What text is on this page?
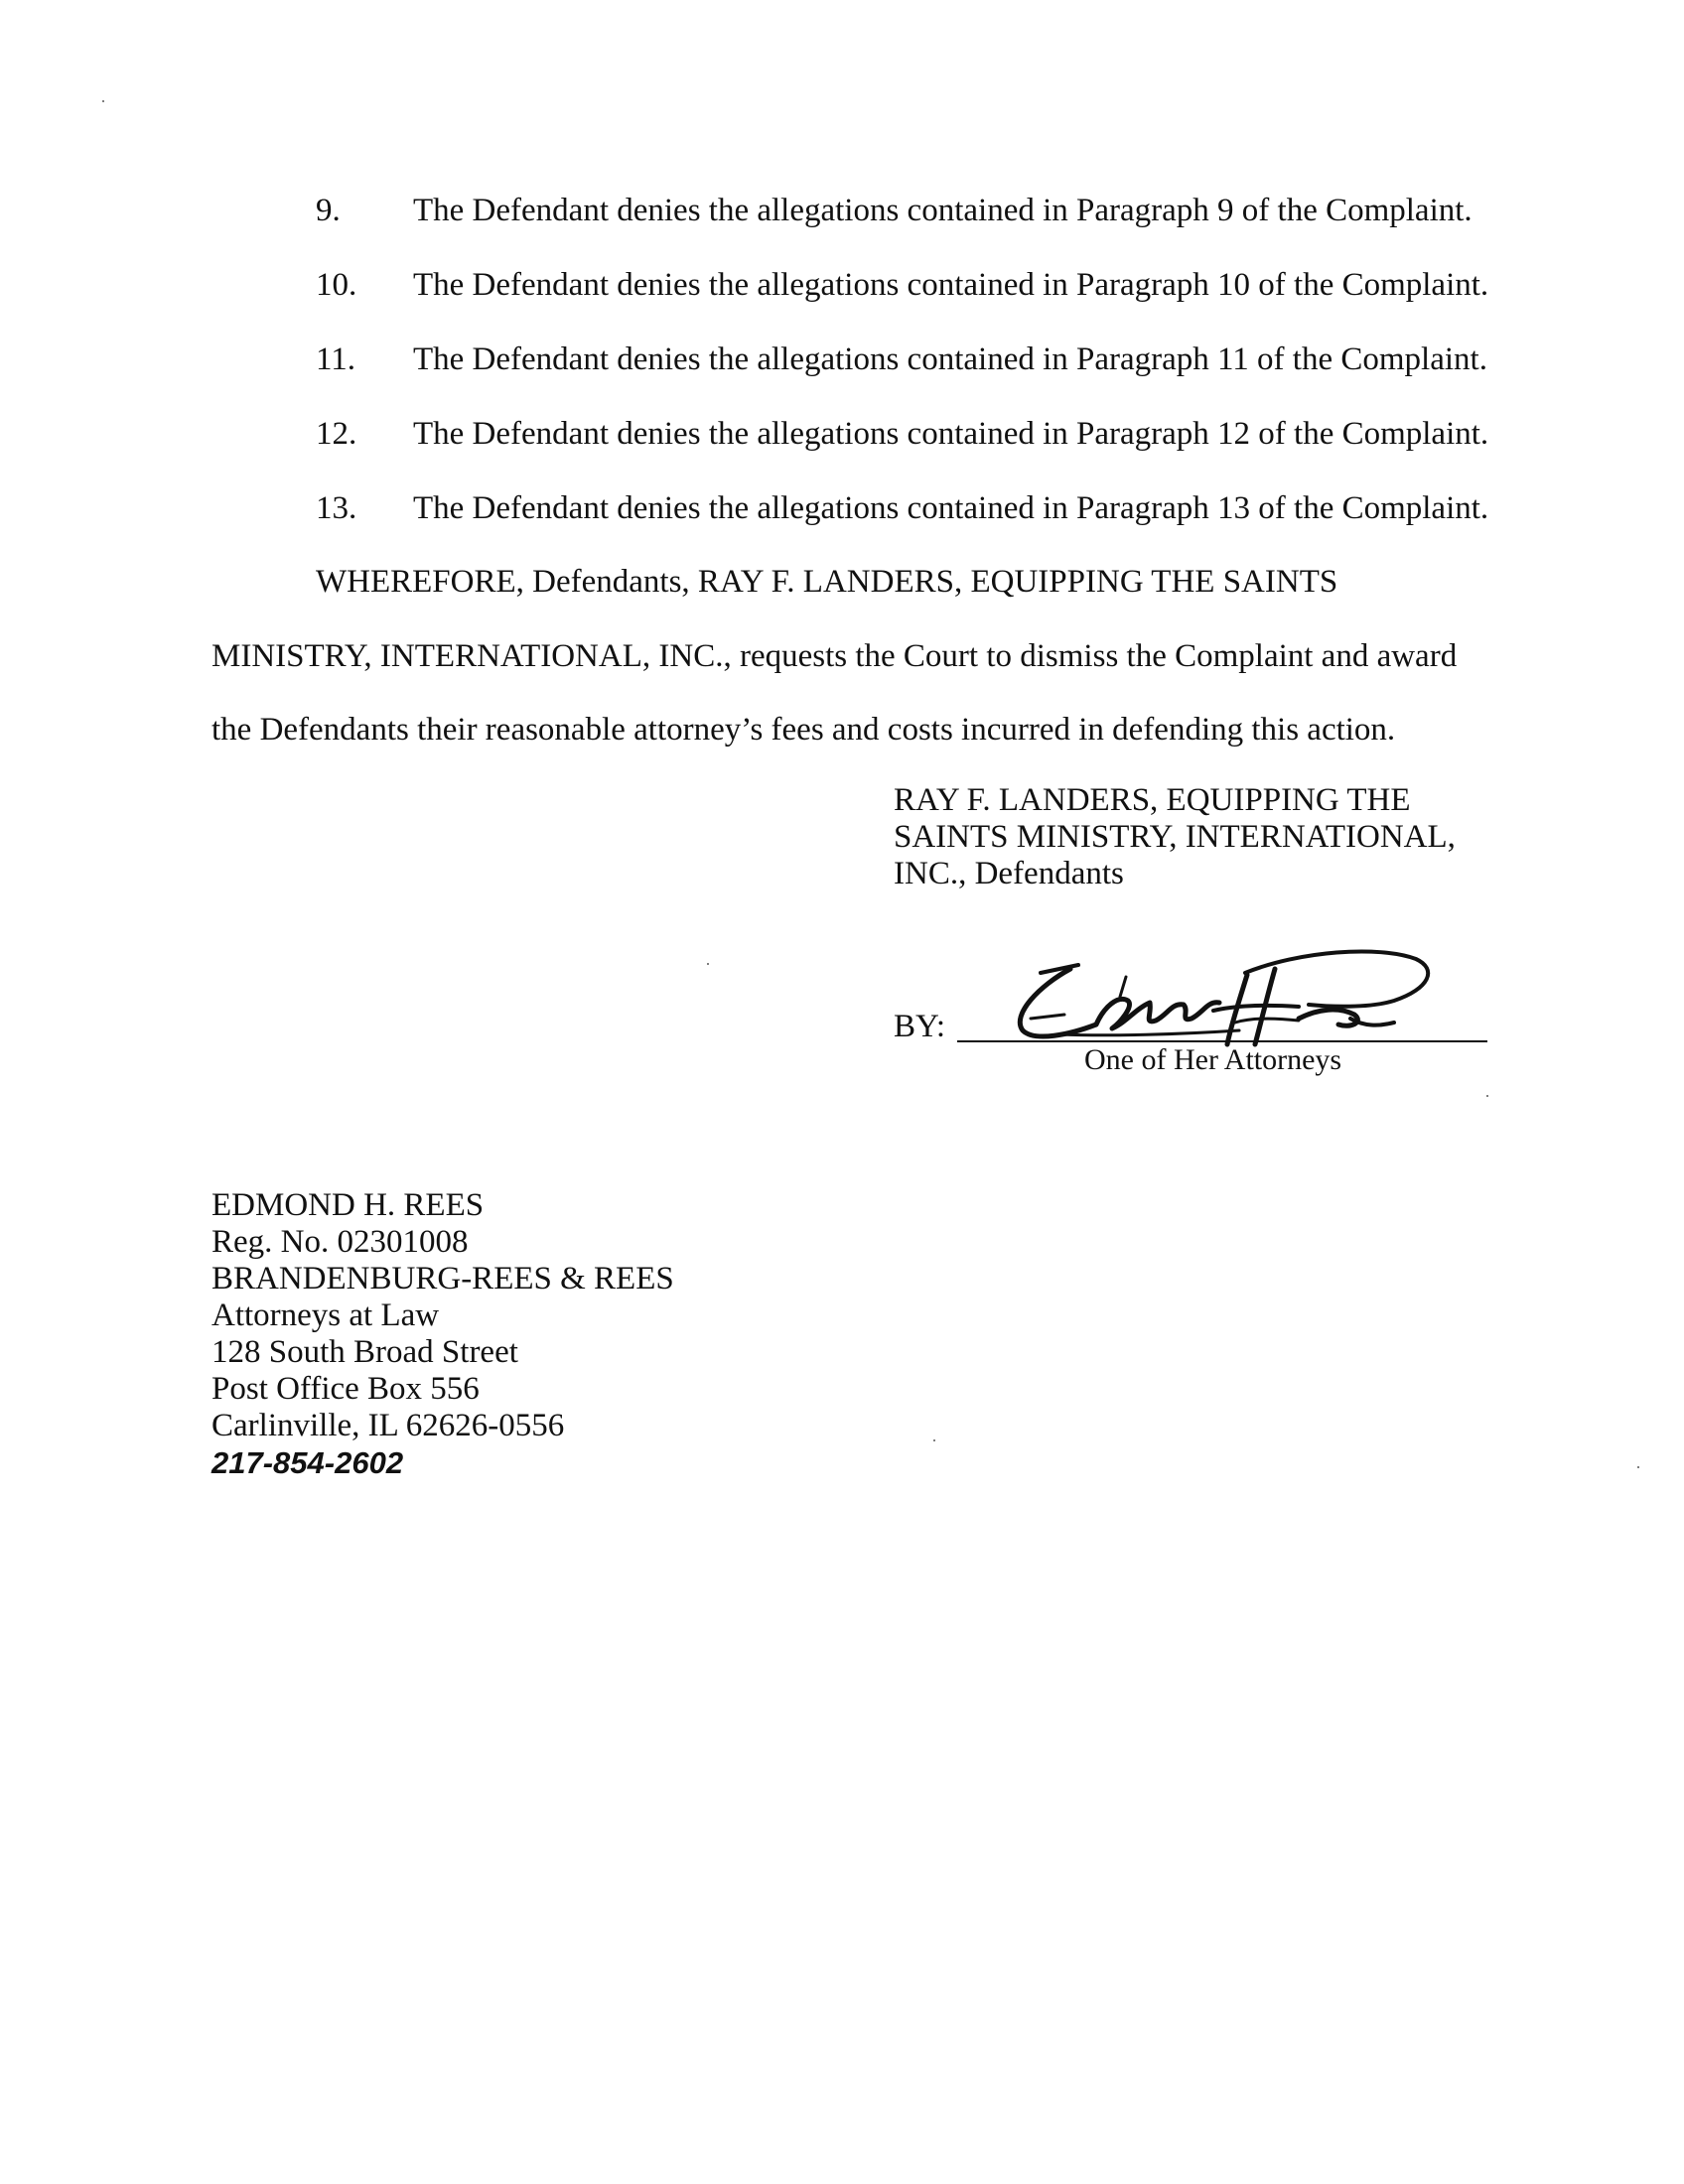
9. The Defendant denies the allegations contained in Paragraph 9 of the Complaint.
10. The Defendant denies the allegations contained in Paragraph 10 of the Complaint.
11. The Defendant denies the allegations contained in Paragraph 11 of the Complaint.
12. The Defendant denies the allegations contained in Paragraph 12 of the Complaint.
13. The Defendant denies the allegations contained in Paragraph 13 of the Complaint.
WHEREFORE, Defendants, RAY F. LANDERS, EQUIPPING THE SAINTS
MINISTRY, INTERNATIONAL, INC., requests the Court to dismiss the Complaint and award
the Defendants their reasonable attorney’s fees and costs incurred in defending this action.
RAY F. LANDERS, EQUIPPING THE
SAINTS MINISTRY, INTERNATIONAL,
INC., Defendants
BY:
One of Her Attorneys
EDMOND H. REES
Reg. No. 02301008
BRANDENBURG-REES & REES
Attorneys at Law
128 South Broad Street
Post Office Box 556
Carlinville, IL 62626-0556
217-854-2602
